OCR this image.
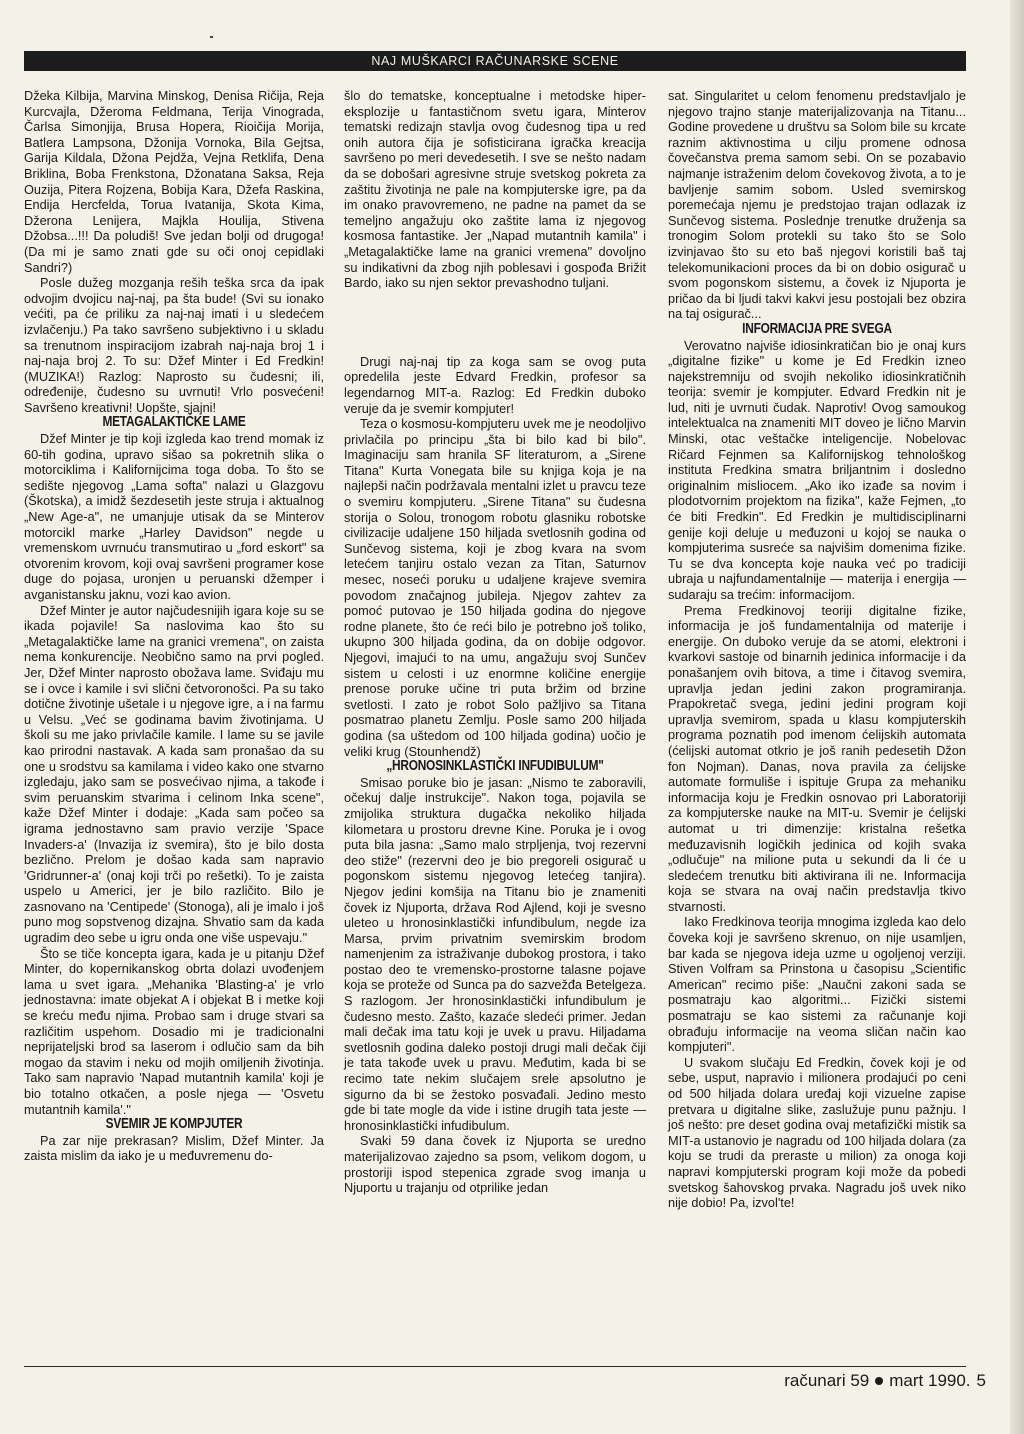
NAJ MUŠKARCI RAČUNARSKE SCENE

Džeka Kilbija, Marvina Minskog, Denisa Ričija, Reja Kurcvajla, Džeroma Feldmana, Terija Vinograda, Čarlsa Simonjija, Brusa Hopera, Rioičija Morija, Batlera Lampsona, Džonija Vornoka, Bila Gejtsa, Garija Kildala, Džona Pejdža, Vejna Retklifa, Dena Briklina, Boba Frenkstona, Džonatana Saksa, Reja Ouzija, Pitera Rojzena, Bobija Kara, Džefa Raskina, Endija Hercfelda, Torua Ivatanija, Skota Kima, Džerona Lenijera, Majkla Houlija, Stivena Džobsa...!!! Da poludiš! Sve jedan bolji od drugoga! (Da mi je samo znati gde su oči onoj cepidlaki Sandri?)

Posle dužeg mozganja reših teška srca da ipak odvojim dvojicu naj-naj, pa šta bude! (Svi su ionako većiti, pa će priliku za naj-naj imati i u sledećem izvlačenju.) Pa tako savršeno subjektivno i u skladu sa trenutnom inspiracijom izabrah naj-naja broj 1 i naj-naja broj 2. To su: Džef Minter i Ed Fredkin! (MUZIKA!) Razlog: Naprosto su čudesni; ili, određenije, čudesno su uvrnuti! Vrlo posvećeni! Savršeno kreativni! Uopšte, sjajni!

METAGALAKTIČKE LAME

Džef Minter je tip koji izgleda kao trend momak iz 60-tih godina, upravo sišao sa pokretnih slika o motorciklima i Kalifornijcima toga doba. To što se sedište njegovog „Lama softa" nalazi u Glazgovu (Škotska), a imidž šezdesetih jeste struja i aktualnog „New Age-a", ne umanjuje utisak da se Minterov motorcikl marke „Harley Davidson" negde u vremenskom uvrnuću transmutirao u „ford eskort" sa otvorenim krovom, koji ovaj savršeni programer kose duge do pojasa, uronjen u peruanski džemper i avganistansku jaknu, vozi kao avion.

Džef Minter je autor najčudesnijih igara koje su se ikada pojavile! Sa naslovima kao što su „Metagalaktičke lame na granici vremena", on zaista nema konkurencije. Neobično samo na prvi pogled. Jer, Džef Minter naprosto obožava lame. Sviđaju mu se i ovce i kamile i svi slični četvoronošci. Pa su tako dotične životinje ušetale i u njegove igre, a i na farmu u Velsu. „Već se godinama bavim životinjama. U školi su me jako privlačile kamile. I lame su se javile kao prirodni nastavak. A kada sam pronašao da su one u srodstvu sa kamilama i video kako one stvarno izgledaju, jako sam se posvećivao njima, a takođe i svim peruanskim stvarima i celinom Inka scene", kaže Džef Minter i dodaje: „Kada sam počeo sa igrama jednostavno sam pravio verzije 'Space Invaders-a' (Invazija iz svemira), što je bilo dosta bezlično. Prelom je došao kada sam napravio 'Gridrunner-a' (onaj koji trči po rešetki). To je zaista uspelo u Americi, jer je bilo različito. Bilo je zasnovano na 'Centipede' (Stonoga), ali je imalo i još puno mog sopstvenog dizajna. Shvatio sam da kada ugradim deo sebe u igru onda one više uspevaju."

Što se tiče koncepta igara, kada je u pitanju Džef Minter, do kopernikanskog obrta dolazi uvođenjem lama u svet igara. „Mehanika 'Blasting-a' je vrlo jednostavna: imate objekat A i objekat B i metke koji se kreću među njima. Probao sam i druge stvari sa različitim uspehom. Dosadio mi je tradicionalni neprijateljski brod sa laserom i odlučio sam da bih mogao da stavim i neku od mojih omiljenih životinja. Tako sam napravio 'Napad mutantnih kamila' koji je bio totalno otkačen, a posle njega — 'Osvetu mutantnih kamila'."

SVEMIR JE KOMPJUTER

Pa zar nije prekrasan? Mislim, Džef Minter. Ja zaista mislim da iako je u međuvremenu do-

šlo do tematske, konceptualne i metodske hiper-eksplozije u fantastičnom svetu igara, Minterov tematski redizajn stavlja ovog čudesnog tipa u red onih autora čija je sofisticirana igračka kreacija savršeno po meri devedesetih. I sve se nešto nadam da se dobošari agresivne struje svetskog pokreta za zaštitu životinja ne pale na kompjuterske igre, pa da im onako pravovremeno, ne padne na pamet da se temeljno angažuju oko zaštite lama iz njegovog kosmosa fantastike. Jer „Napad mutantnih kamila" i „Metagalaktičke lame na granici vremena" dovoljno su indikativni da zbog njih poblesavi i gospođa Brižit Bardo, iako su njen sektor prevashodno tuljani.

Drugi naj-naj tip za koga sam se ovog puta opredelila jeste Edvard Fredkin, profesor sa legendarnog MIT-a. Razlog: Ed Fredkin duboko veruje da je svemir kompjuter!

Teza o kosmosu-kompjuteru uvek me je neodoljivo privlačila po principu „šta bi bilo kad bi bilo". Imaginaciju sam hranila SF literaturom, a „Sirene Titana" Kurta Vonegata bile su knjiga koja je na najlepši način podržavala mentalni izlet u pravcu teze o svemiru kompjuteru. „Sirene Titana" su čudesna storija o Solou, tronogom robotu glasniku robotske civilizacije udaljene 150 hiljada svetlosnih godina od Sunčevog sistema, koji je zbog kvara na svom letećem tanjiru ostalo vezan za Titan, Saturnov mesec, noseći poruku u udaljene krajeve svemira povodom značajnog jubileja. Njegov zahtev za pomoć putovao je 150 hiljada godina do njegove rodne planete, što će reći bilo je potrebno još toliko, ukupno 300 hiljada godina, da on dobije odgovor. Njegovi, imajući to na umu, angažuju svoj Sunčev sistem u celosti i uz enormne količine energije prenose poruke učine tri puta bržim od brzine svetlosti. I zato je robot Solo pažljivo sa Titana posmatrao planetu Zemlju. Posle samo 200 hiljada godina (sa uštedom od 100 hiljada godina) uočio je veliki krug (Stounhendž)

„HRONOSINKLASTIČKI INFUDIBULUM"

Smisao poruke bio je jasan: „Nismo te zaboravili, očekuj dalje instrukcije". Nakon toga, pojavila se zmijolika struktura dugačka nekoliko hiljada kilometara u prostoru drevne Kine. Poruka je i ovog puta bila jasna: „Samo malo strpljenja, tvoj rezervni deo stiže" (rezervni deo je bio pregoreli osigurač u pogonskom sistemu njegovog letećeg tanjira). Njegov jedini komšija na Titanu bio je znameniti čovek iz Njuporta, država Rod Ajlend, koji je svesno uleteo u hronosinklastički infundibulum, negde iza Marsa, prvim privatnim svemirskim brodom namenjenim za istraživanje dubokog prostora, i tako postao deo te vremensko-prostorne talasne pojave koja se proteže od Sunca pa do sazvežđa Betelgeza. S razlogom. Jer hronosinklastički infundibulum je čudesno mesto. Zašto, kazaće sledeći primer. Jedan mali dečak ima tatu koji je uvek u pravu. Hiljadama svetlosnih godina daleko postoji drugi mali dečak čiji je tata takođe uvek u pravu. Međutim, kada bi se recimo tate nekim slučajem srele apsolutno je sigurno da bi se žestoko posvađali. Jedino mesto gde bi tate mogle da vide i istine drugih tata jeste — hronosinklastički infudibulum.

Svaki 59 dana čovek iz Njuporta se uredno materijalizovao zajedno sa psom, velikom dogom, u prostoriji ispod stepenica zgrade svog imanja u Njuportu u trajanju od otprilike jedan

sat. Singularitet u celom fenomenu predstavljalo je njegovo trajno stanje materijalizovanja na Titanu... Godine provedene u društvu sa Solom bile su krcate raznim aktivnostima u cilju promene odnosa čovečanstva prema samom sebi. On se pozabavio najmanje istraženim delom čovekovog života, a to je bavljenje samim sobom. Usled svemirskog poremećaja njemu je predstojao trajan odlazak iz Sunčevog sistema. Poslednje trenutke druženja sa tronogim Solom protekli su tako što se Solo izvinjavao što su eto baš njegovi koristili baš taj telekomunikacioni proces da bi on dobio osigurač u svom pogonskom sistemu, a čovek iz Njuporta je pričao da bi ljudi takvi kakvi jesu postojali bez obzira na taj osigurač...

INFORMACIJA PRE SVEGA

Verovatno najviše idiosinkratičan bio je onaj kurs „digitalne fizike" u kome je Ed Fredkin izneo najekstremniju od svojih nekoliko idiosinkratičnih teorija: svemir je kompjuter. Edvard Fredkin nit je lud, niti je uvrnuti čudak. Naprotiv! Ovog samoukog intelektualca na znameniti MIT doveo je lično Marvin Minski, otac veštačke inteligencije. Nobelovac Ričard Fejnmen sa Kalifornijskog tehnološkog instituta Fredkina smatra briljantnim i dosledno originalnim misliocem. „Ako iko izađe sa novim i plodotvornim projektom na fizika", kaže Fejmen, „to će biti Fredkin". Ed Fredkin je multidisciplinarni genije koji deluje u međuzoni u kojoj se nauka o kompjuterima susreće sa najvišim domenima fizike. Tu se dva koncepta koje nauka već po tradiciji ubraja u najfundamentalnije — materija i energija — sudaraju sa trećim: informacijom.

Prema Fredkinovoj teoriji digitalne fizike, informacija je još fundamentalnija od materije i energije. On duboko veruje da se atomi, elektroni i kvarkovi sastoje od binarnih jedinica informacije i da ponašanjem ovih bitova, a time i čitavog svemira, upravlja jedan jedini zakon programiranja. Prapokretač svega, jedini jedini program koji upravlja svemirom, spada u klasu kompjuterskih programa poznatih pod imenom ćelijskih automata (ćelijski automat otkrio je još ranih pedesetih Džon fon Nojman). Danas, nova pravila za ćelijske automate formuliše i ispituje Grupa za mehaniku informacija koju je Fredkin osnovao pri Laboratoriji za kompjuterske nauke na MIT-u. Svemir je ćelijski automat u tri dimenzije: kristalna rešetka međuzavisnih logičkih jedinica od kojih svaka „odlučuje" na milione puta u sekundi da li će u sledećem trenutku biti aktivirana ili ne. Informacija koja se stvara na ovaj način predstavlja tkivo stvarnosti.

Iako Fredkinova teorija mnogima izgleda kao delo čoveka koji je savršeno skrenuo, on nije usamljen, bar kada se njegova ideja uzme u ogoljenoj verziji. Stiven Volfram sa Prinstona u časopisu „Scientific American" recimo piše: „Naučni zakoni sada se posmatraju kao algoritmi... Fizički sistemi posmatraju se kao sistemi za računanje koji obrađuju informacije na veoma sličan način kao kompjuteri".

U svakom slučaju Ed Fredkin, čovek koji je od sebe, usput, napravio i milionera prodajući po ceni od 500 hiljada dolara uređaj koji vizuelne zapise pretvara u digitalne slike, zaslužuje punu pažnju. I još nešto: pre deset godina ovaj metafizički mistik sa MIT-a ustanovio je nagradu od 100 hiljada dolara (za koju se trudi da preraste u milion) za onoga koji napravi kompjuterski program koji može da pobedi svetskog šahovskog prvaka. Nagradu još uvek niko nije dobio! Pa, izvol'te!

računari 59 mart 1990. 5
